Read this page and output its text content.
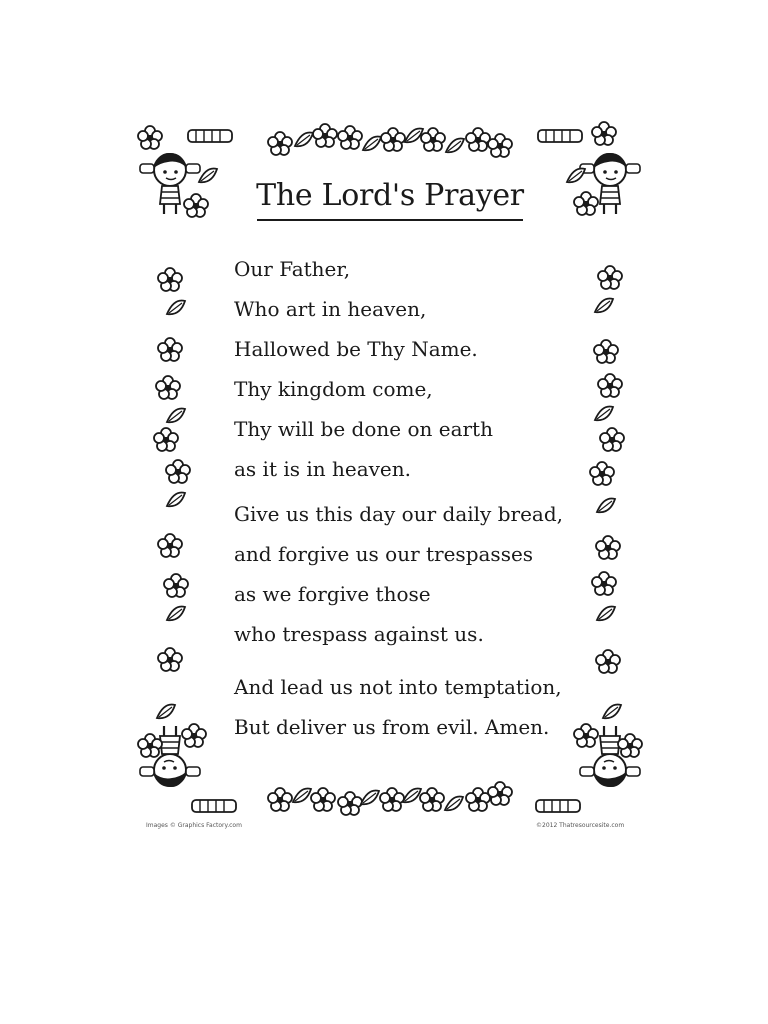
The Lord's Prayer
Our Father,
Who art in heaven,
Hallowed be Thy Name.
Thy kingdom come,
Thy will be done on earth
as it is in heaven.
Give us this day our daily bread,
and forgive us our trespasses
as we forgive those
who trespass against us.
And lead us not into temptation,
But deliver us from evil. Amen.
Images © Graphics Factory.com	©2012 Thatresourcesite.com
